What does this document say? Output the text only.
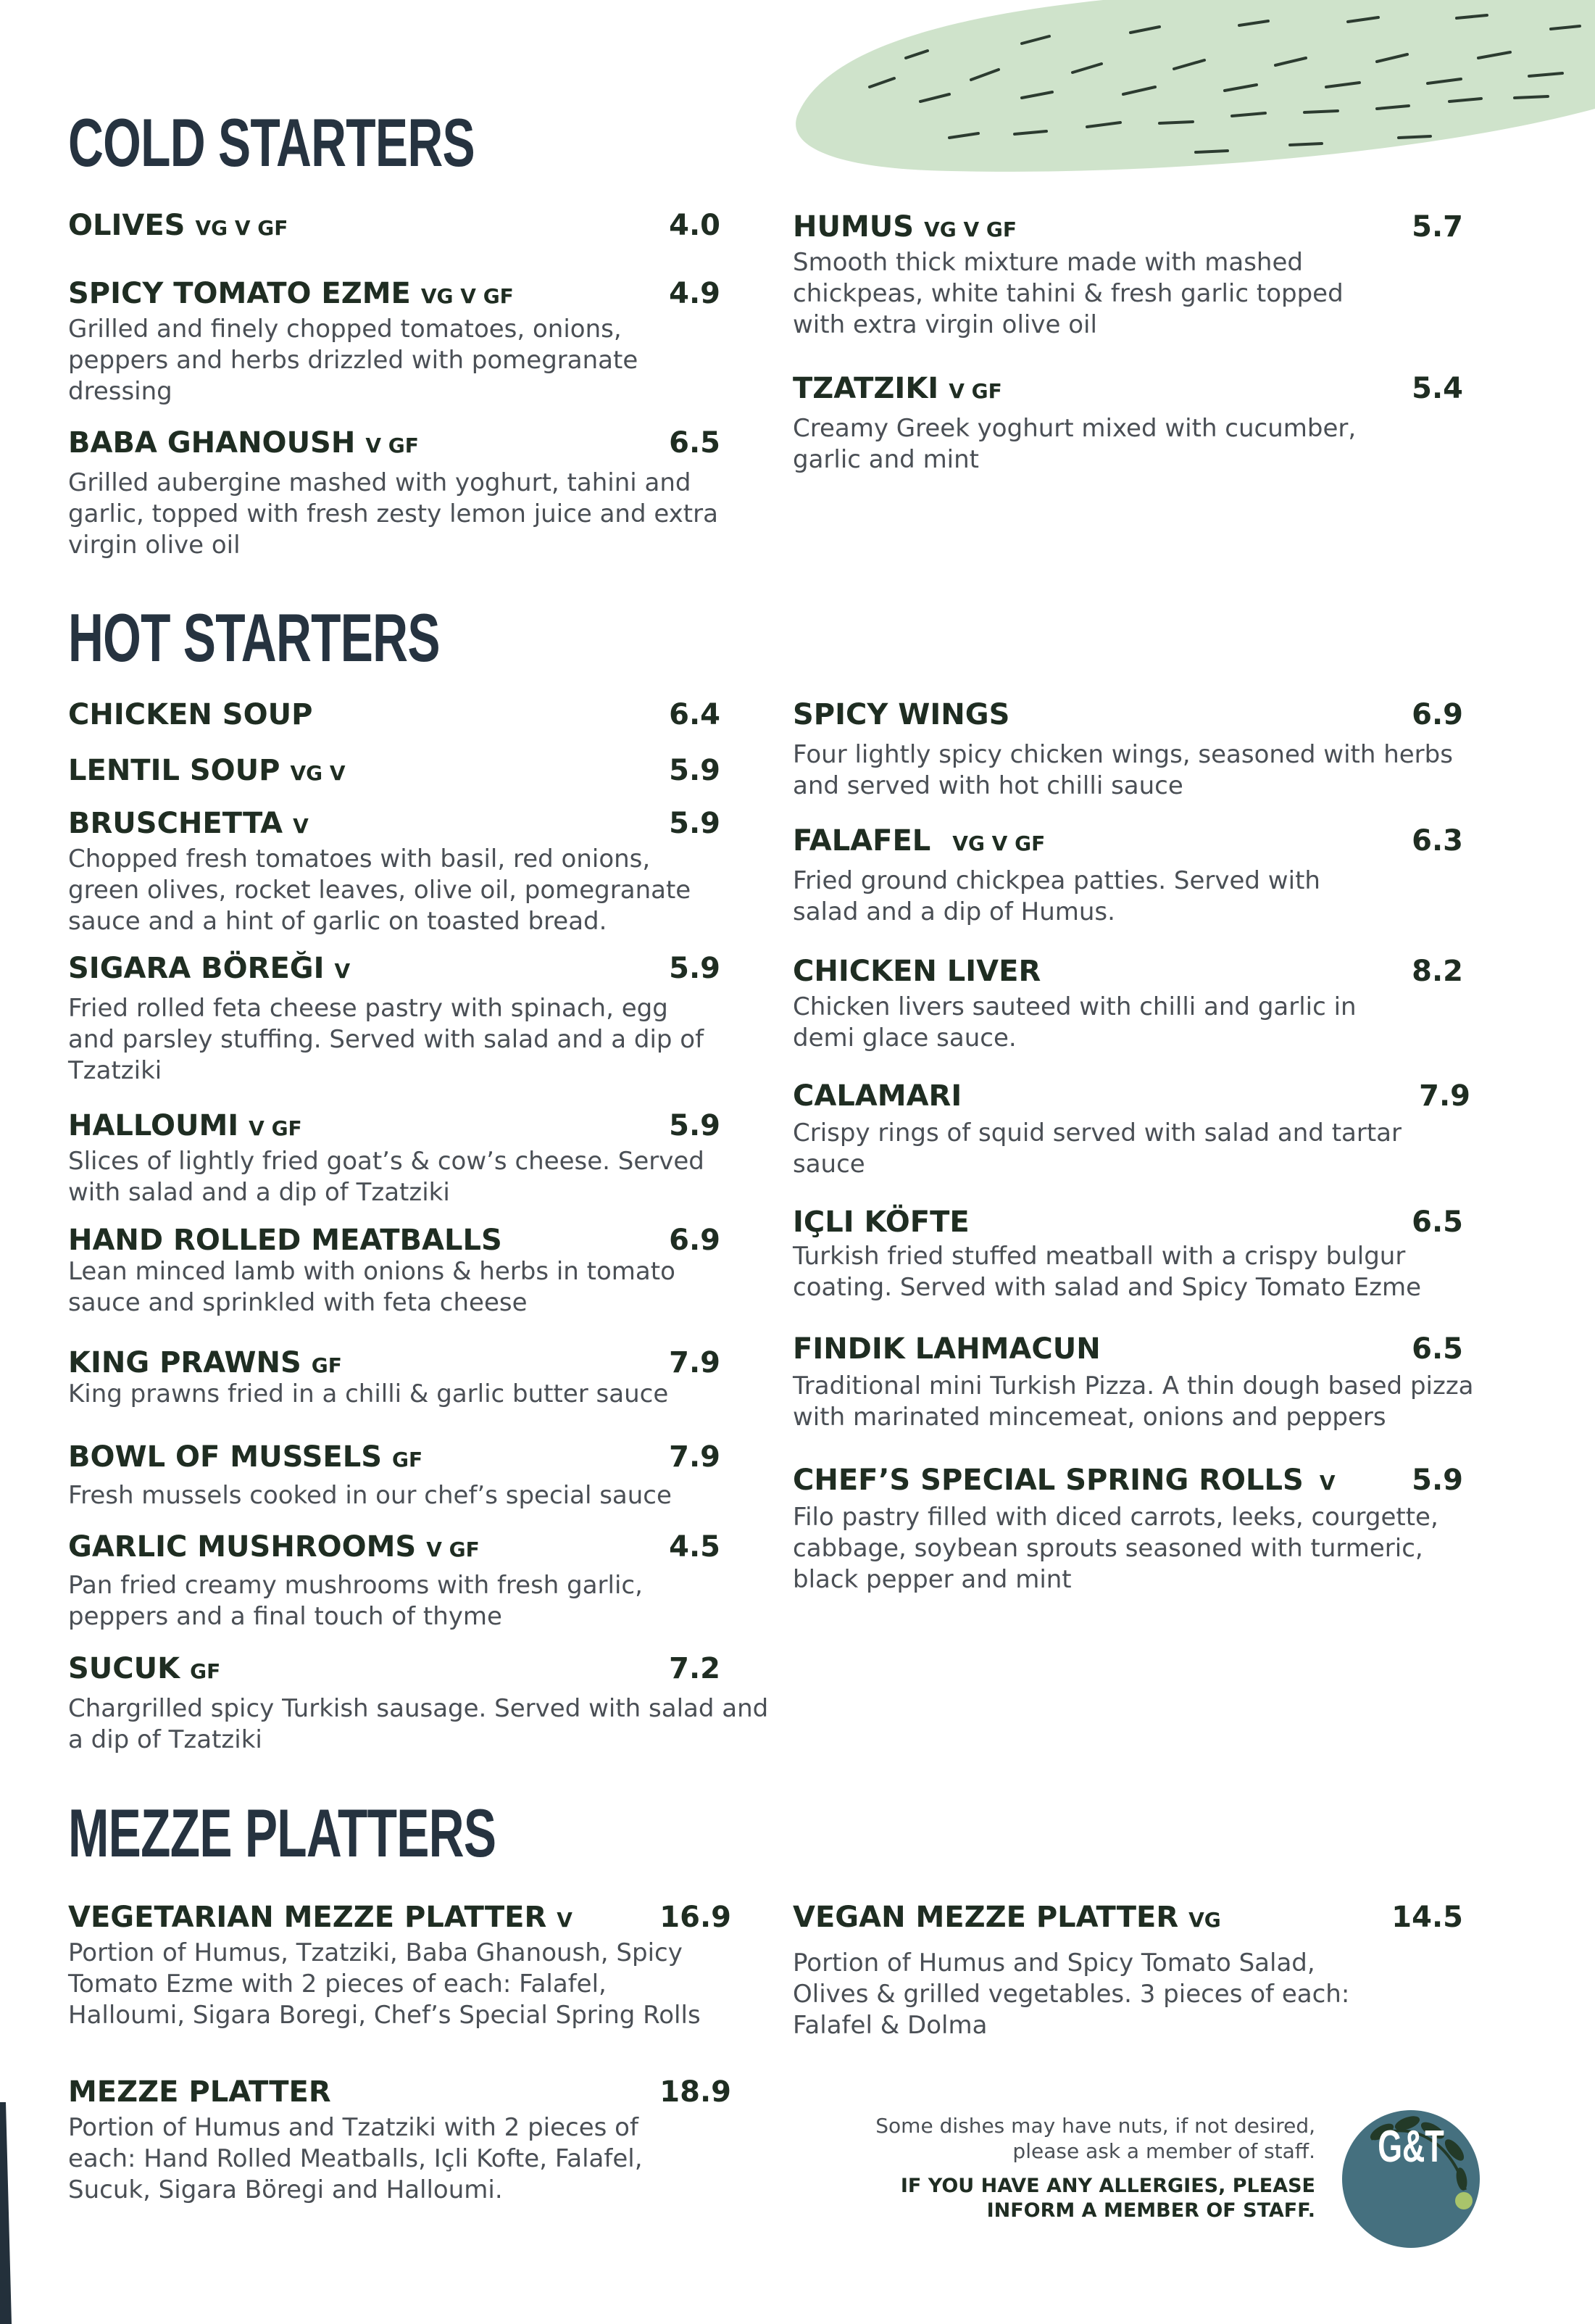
COLD STARTERS
OLIVES VG V GF	4.0
SPICY TOMATO EZME VG V GF	4.9

Grilled and finely chopped tomatoes, onions, peppers and herbs drizzled with pomegranate dressing

BABA GHANOUSH V GF	6.5

Grilled aubergine mashed with yoghurt, tahini and garlic, topped with fresh zesty lemon juice and extra virgin olive oil

HUMUS VG V GF	5.7

Smooth thick mixture made with mashed chickpeas, white tahini & fresh garlic topped with extra virgin olive oil

TZATZIKI V GF	5.4

Creamy Greek yoghurt mixed with cucumber, garlic and mint

HOT STARTERS
CHICKEN SOUP	6.4
LENTIL SOUP VG V	5.9
BRUSCHETTA V	5.9

Chopped fresh tomatoes with basil, red onions, green olives, rocket leaves, olive oil, pomegranate sauce and a hint of garlic on toasted bread.

SIGARA BÖREĞI V	5.9

Fried rolled feta cheese pastry with spinach, egg and parsley stuffing. Served with salad and a dip of Tzatziki

HALLOUMI V GF	5.9

Slices of lightly fried goat’s & cow’s cheese. Served with salad and a dip of Tzatziki

HAND ROLLED MEATBALLS	6.9

Lean minced lamb with onions & herbs in tomato sauce and sprinkled with feta cheese

KING PRAWNS GF	7.9

King prawns fried in a chilli & garlic butter sauce

BOWL OF MUSSELS GF	7.9

Fresh mussels cooked in our chef’s special sauce

GARLIC MUSHROOMS V GF	4.5

Pan fried creamy mushrooms with fresh garlic, peppers and a final touch of thyme

SUCUK GF	7.2

Chargrilled spicy Turkish sausage. Served with salad and a dip of Tzatziki

SPICY WINGS	6.9

Four lightly spicy chicken wings, seasoned with herbs and served with hot chilli sauce

FALAFEL VG V GF	6.3

Fried ground chickpea patties. Served with salad and a dip of Humus.

CHICKEN LIVER	8.2

Chicken livers sauteed with chilli and garlic in demi glace sauce.

CALAMARI	7.9

Crispy rings of squid served with salad and tartar sauce

IÇLI KÖFTE	6.5

Turkish fried stuffed meatball with a crispy bulgur coating. Served with salad and Spicy Tomato Ezme

FINDIK LAHMACUN	6.5

Traditional mini Turkish Pizza. A thin dough based pizza with marinated mincemeat, onions and peppers

CHEF’S SPECIAL SPRING ROLLS V	5.9

Filo pastry filled with diced carrots, leeks, courgette, cabbage, soybean sprouts seasoned with turmeric, black pepper and mint

MEZZE PLATTERS
VEGETARIAN MEZZE PLATTER V	16.9

Portion of Humus, Tzatziki, Baba Ghanoush, Spicy Tomato Ezme with 2 pieces of each: Falafel, Halloumi, Sigara Boregi, Chef’s Special Spring Rolls

MEZZE PLATTER	18.9

Portion of Humus and Tzatziki with 2 pieces of each: Hand Rolled Meatballs, Içli Kofte, Falafel, Sucuk, Sigara Böregi and Halloumi.

VEGAN MEZZE PLATTER VG	14.5

Portion of Humus and Spicy Tomato Salad, Olives & grilled vegetables. 3 pieces of each: Falafel & Dolma

Some dishes may have nuts, if not desired, please ask a member of staff.

IF YOU HAVE ANY ALLERGIES, PLEASE INFORM A MEMBER OF STAFF.

G&T
